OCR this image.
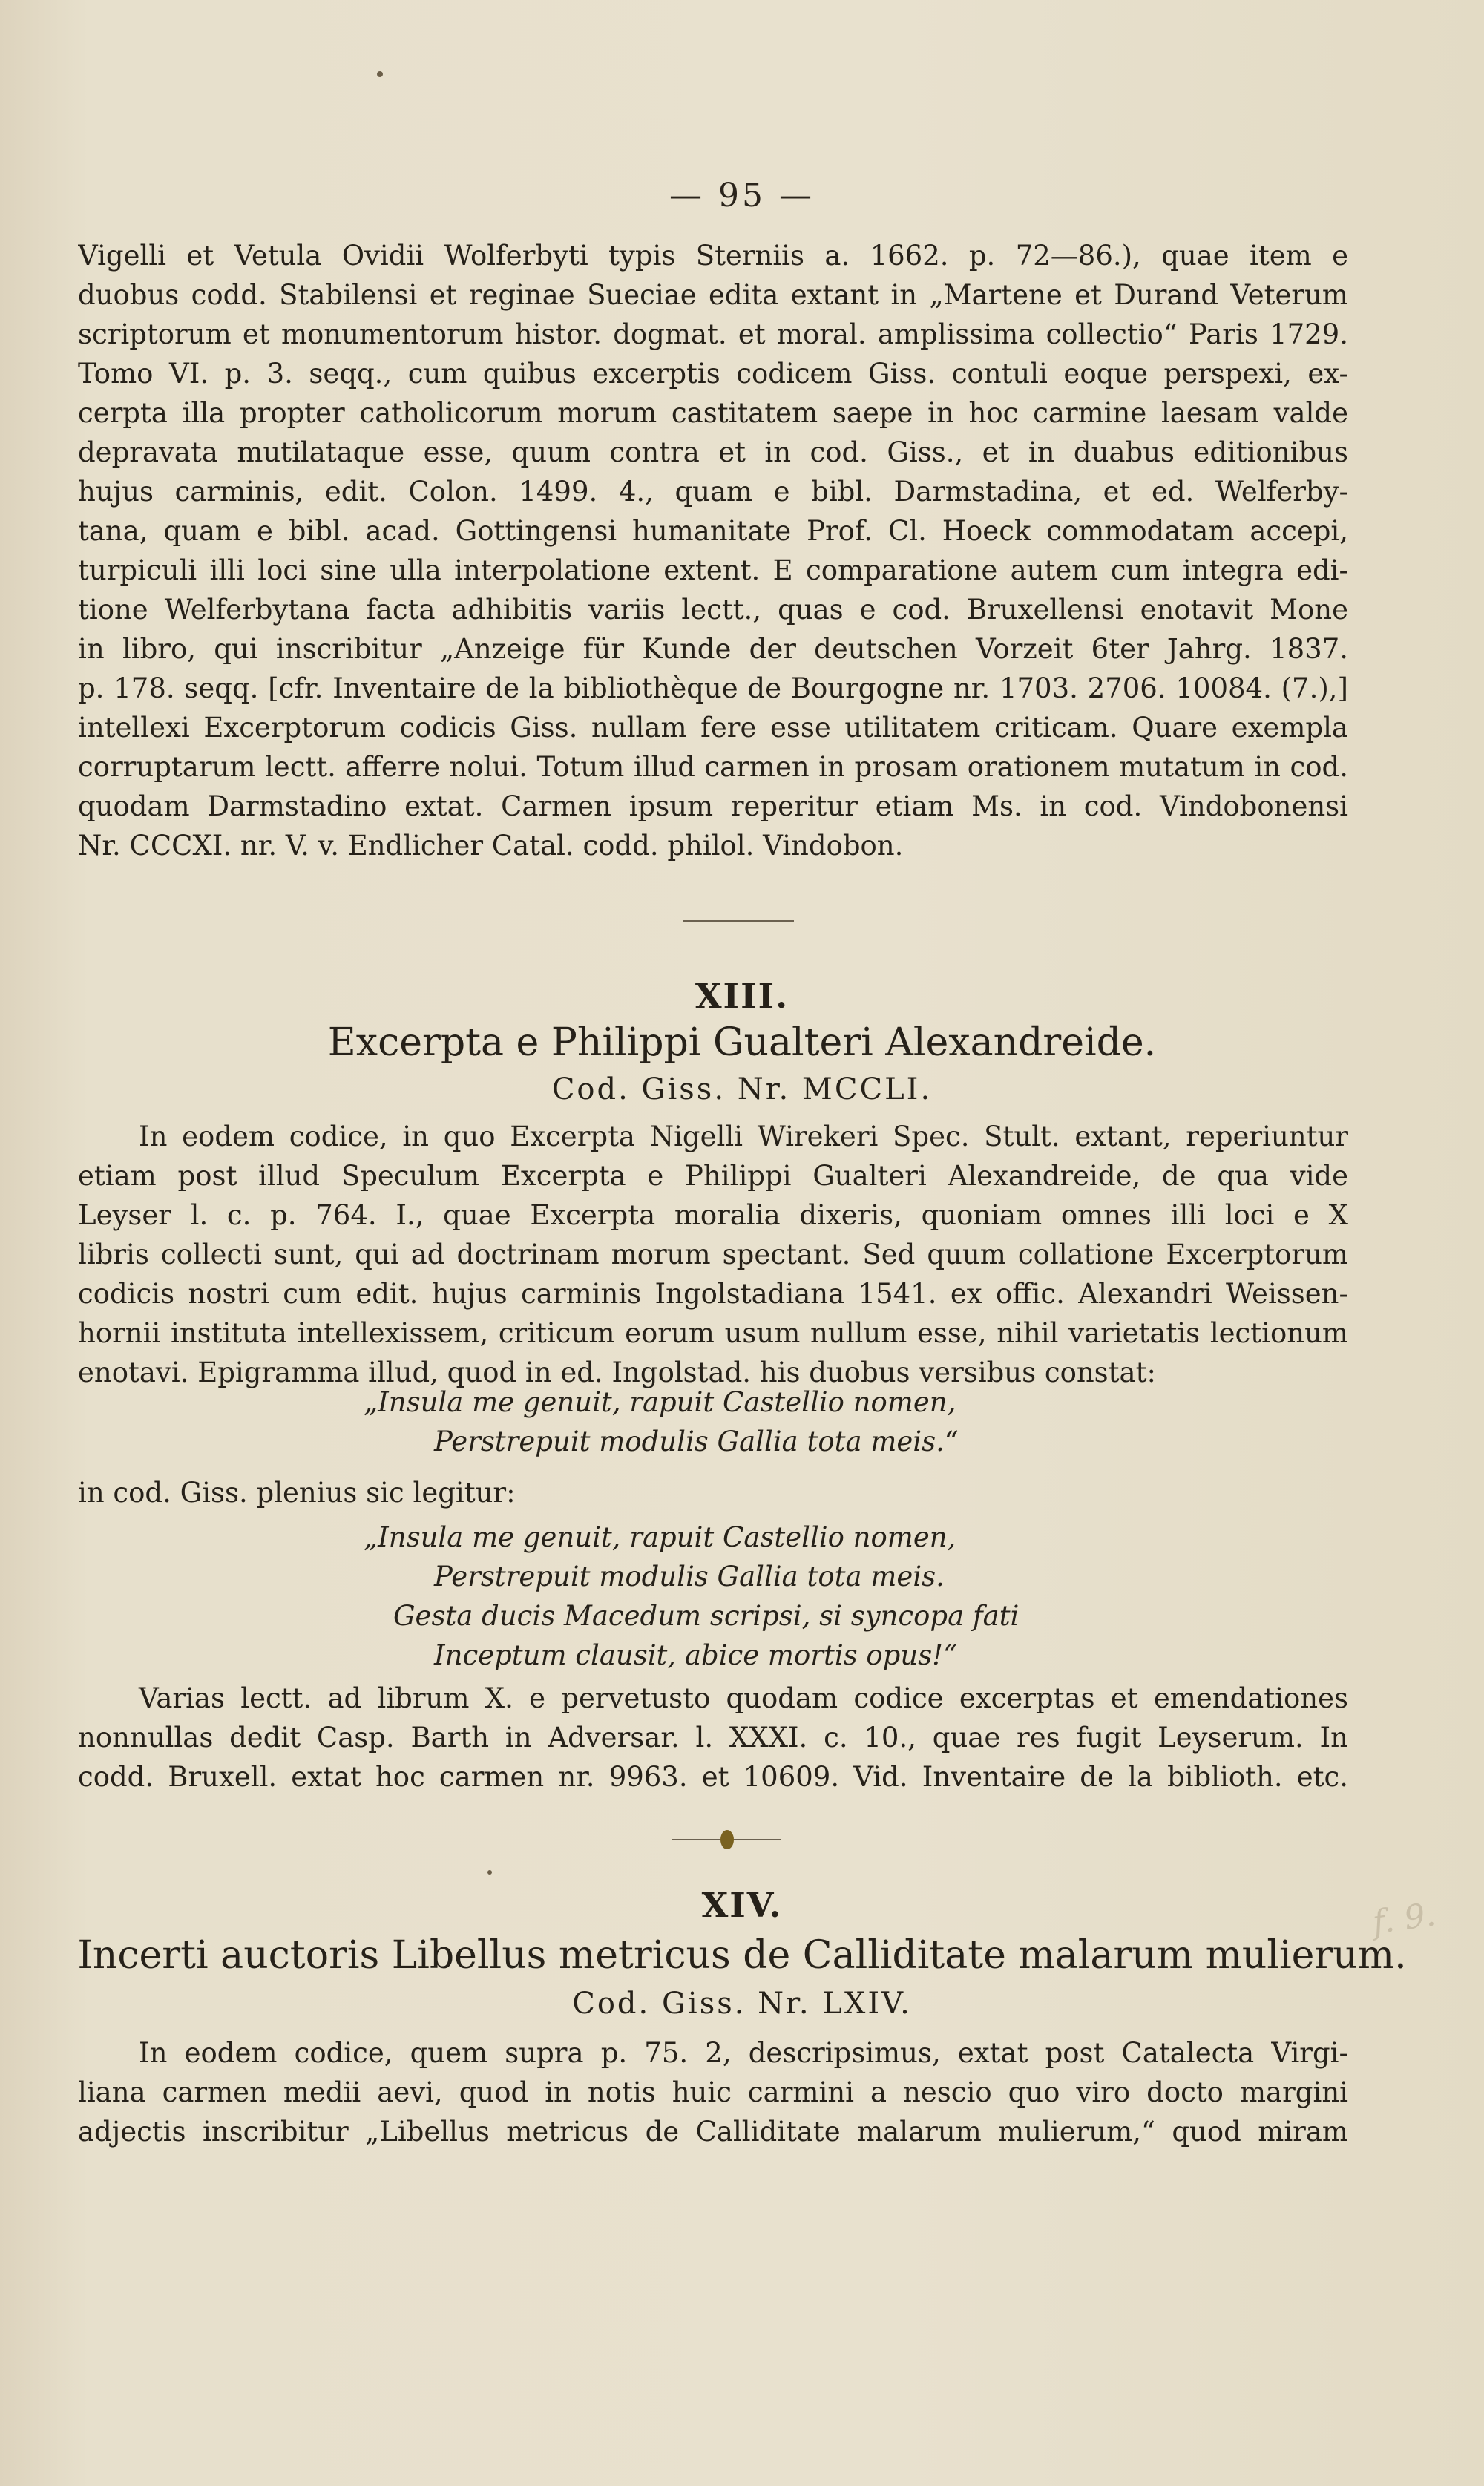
— 95 —
Vigelli et Vetula Ovidii Wolferbyti typis Sterniis a. 1662. p. 72—86.), quae item e
duobus codd. Stabilensi et reginae Sueciae edita extant in „Martene et Durand Veterum
scriptorum et monumentorum histor. dogmat. et moral. amplissima collectio“ Paris 1729.
Tomo VI. p. 3. seqq., cum quibus excerptis codicem Giss. contuli eoque perspexi, ex-
cerpta illa propter catholicorum morum castitatem saepe in hoc carmine laesam valde
depravata mutilataque esse, quum contra et in cod. Giss., et in duabus editionibus
hujus carminis, edit. Colon. 1499. 4., quam e bibl. Darmstadina, et ed. Welferby-
tana, quam e bibl. acad. Gottingensi humanitate Prof. Cl. Hoeck commodatam accepi,
turpiculi illi loci sine ulla interpolatione extent. E comparatione autem cum integra edi-
tione Welferbytana facta adhibitis variis lectt., quas e cod. Bruxellensi enotavit Mone
in libro, qui inscribitur „Anzeige für Kunde der deutschen Vorzeit 6ter Jahrg. 1837.
p. 178. seqq. [cfr. Inventaire de la bibliothèque de Bourgogne nr. 1703. 2706. 10084. (7.),]
intellexi Excerptorum codicis Giss. nullam fere esse utilitatem criticam. Quare exempla
corruptarum lectt. afferre nolui. Totum illud carmen in prosam orationem mutatum in cod.
quodam Darmstadino extat. Carmen ipsum reperitur etiam Ms. in cod. Vindobonensi
Nr. CCCXI. nr. V. v. Endlicher Catal. codd. philol. Vindobon.
XIII.
Excerpta e Philippi Gualteri Alexandreide.
Cod. Giss. Nr. MCCLI.
In eodem codice, in quo Excerpta Nigelli Wirekeri Spec. Stult. extant, reperiuntur
etiam post illud Speculum Excerpta e Philippi Gualteri Alexandreide, de qua vide
Leyser l. c. p. 764. I., quae Excerpta moralia dixeris, quoniam omnes illi loci e X
libris collecti sunt, qui ad doctrinam morum spectant. Sed quum collatione Excerptorum
codicis nostri cum edit. hujus carminis Ingolstadiana 1541. ex offic. Alexandri Weissen-
hornii instituta intellexissem, criticum eorum usum nullum esse, nihil varietatis lectionum
enotavi. Epigramma illud, quod in ed. Ingolstad. his duobus versibus constat:
„Insula me genuit, rapuit Castellio nomen,
Perstrepuit modulis Gallia tota meis.“
in cod. Giss. plenius sic legitur:
„Insula me genuit, rapuit Castellio nomen,
Perstrepuit modulis Gallia tota meis.
Gesta ducis Macedum scripsi, si syncopa fati
Inceptum clausit, abice mortis opus!“
Varias lectt. ad librum X. e pervetusto quodam codice excerptas et emendationes
nonnullas dedit Casp. Barth in Adversar. l. XXXI. c. 10., quae res fugit Leyserum. In
codd. Bruxell. extat hoc carmen nr. 9963. et 10609. Vid. Inventaire de la biblioth. etc.
XIV.
Incerti auctoris Libellus metricus de Calliditate malarum mulierum.
Cod. Giss. Nr. LXIV.
In eodem codice, quem supra p. 75. 2, descripsimus, extat post Catalecta Virgi-
liana carmen medii aevi, quod in notis huic carmini a nescio quo viro docto margini
adjectis inscribitur „Libellus metricus de Calliditate malarum mulierum,“ quod miram
f. 9.
